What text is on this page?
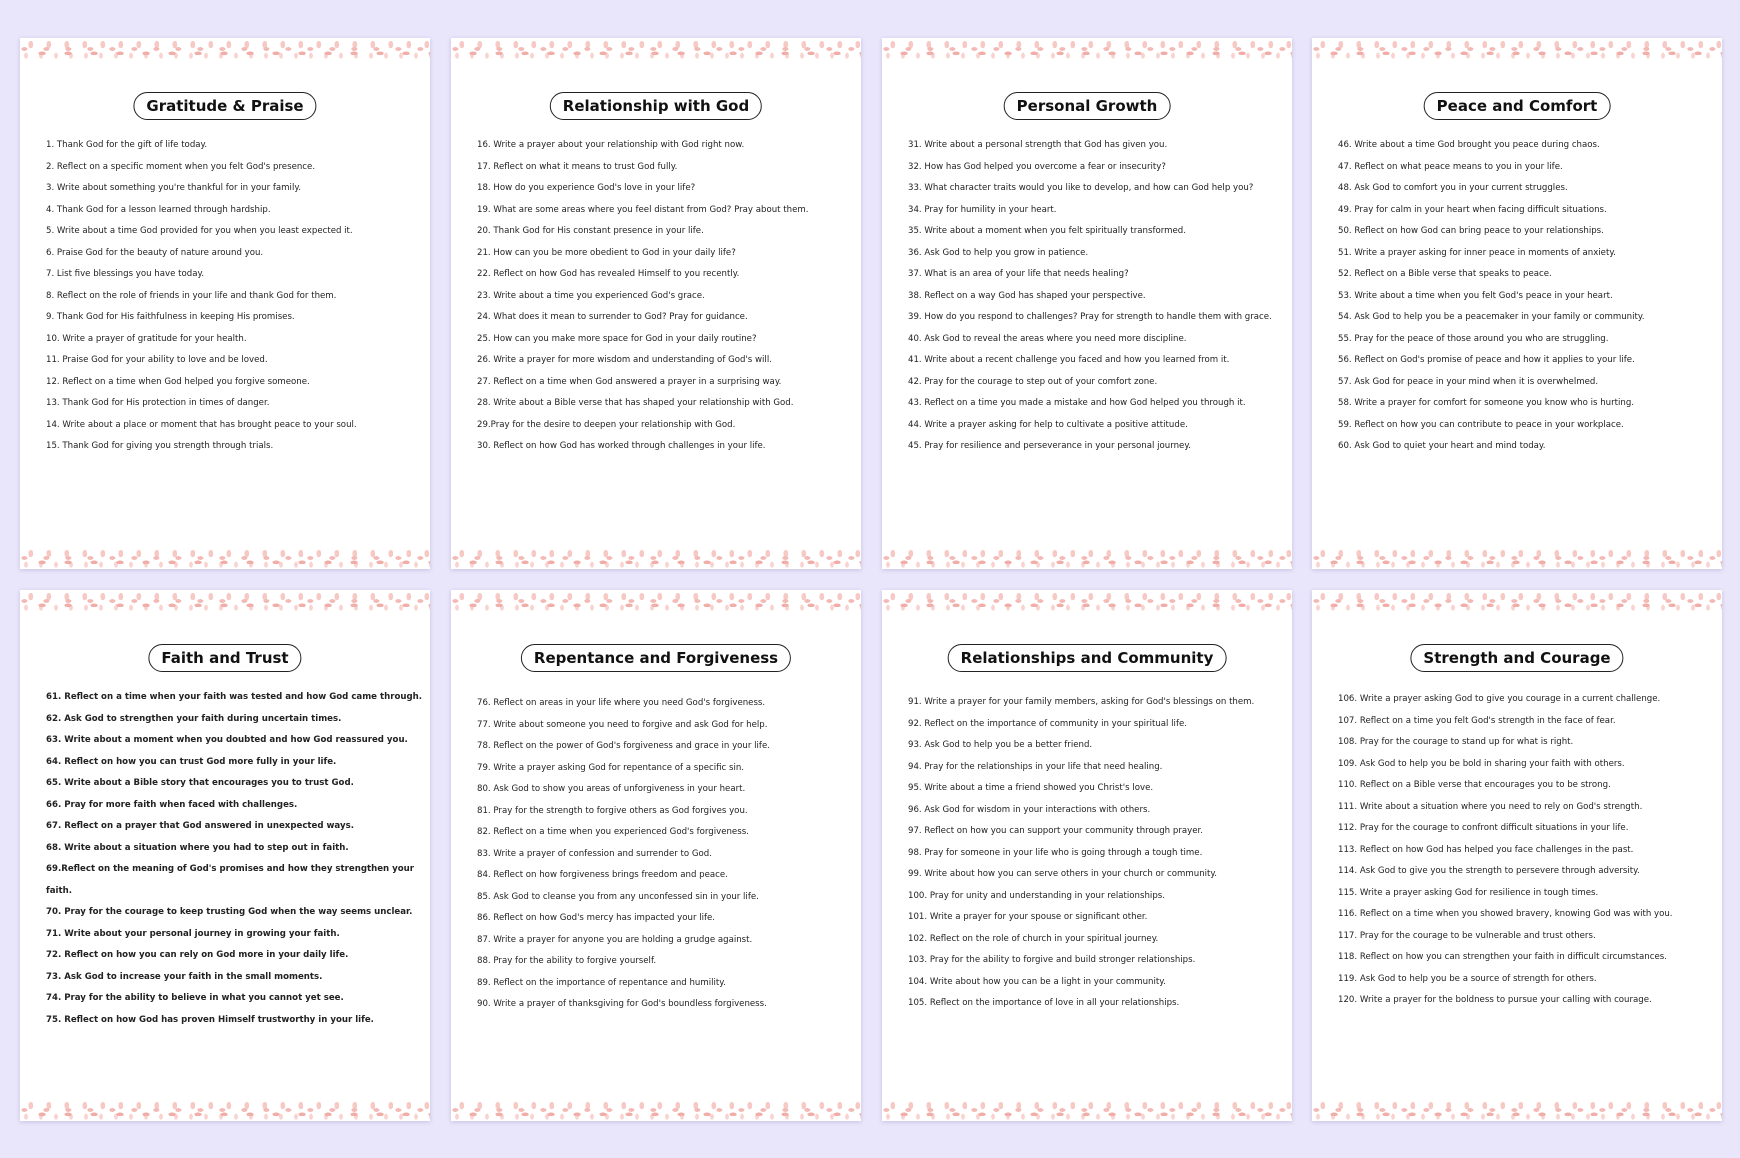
Gratitude & Praise
1. Thank God for the gift of life today.
2. Reflect on a specific moment when you felt God's presence.
3. Write about something you're thankful for in your family.
4. Thank God for a lesson learned through hardship.
5. Write about a time God provided for you when you least expected it.
6. Praise God for the beauty of nature around you.
7. List five blessings you have today.
8. Reflect on the role of friends in your life and thank God for them.
9. Thank God for His faithfulness in keeping His promises.
10. Write a prayer of gratitude for your health.
11. Praise God for your ability to love and be loved.
12. Reflect on a time when God helped you forgive someone.
13. Thank God for His protection in times of danger.
14. Write about a place or moment that has brought peace to your soul.
15. Thank God for giving you strength through trials.
Relationship with God
16. Write a prayer about your relationship with God right now.
17. Reflect on what it means to trust God fully.
18. How do you experience God's love in your life?
19. What are some areas where you feel distant from God? Pray about them.
20. Thank God for His constant presence in your life.
21. How can you be more obedient to God in your daily life?
22. Reflect on how God has revealed Himself to you recently.
23. Write about a time you experienced God's grace.
24. What does it mean to surrender to God? Pray for guidance.
25. How can you make more space for God in your daily routine?
26. Write a prayer for more wisdom and understanding of God's will.
27. Reflect on a time when God answered a prayer in a surprising way.
28. Write about a Bible verse that has shaped your relationship with God.
29.Pray for the desire to deepen your relationship with God.
30. Reflect on how God has worked through challenges in your life.
Personal Growth
31. Write about a personal strength that God has given you.
32. How has God helped you overcome a fear or insecurity?
33. What character traits would you like to develop, and how can God help you?
34. Pray for humility in your heart.
35. Write about a moment when you felt spiritually transformed.
36. Ask God to help you grow in patience.
37. What is an area of your life that needs healing?
38. Reflect on a way God has shaped your perspective.
39. How do you respond to challenges? Pray for strength to handle them with grace.
40. Ask God to reveal the areas where you need more discipline.
41. Write about a recent challenge you faced and how you learned from it.
42. Pray for the courage to step out of your comfort zone.
43. Reflect on a time you made a mistake and how God helped you through it.
44. Write a prayer asking for help to cultivate a positive attitude.
45. Pray for resilience and perseverance in your personal journey.
Peace and Comfort
46. Write about a time God brought you peace during chaos.
47. Reflect on what peace means to you in your life.
48. Ask God to comfort you in your current struggles.
49. Pray for calm in your heart when facing difficult situations.
50. Reflect on how God can bring peace to your relationships.
51. Write a prayer asking for inner peace in moments of anxiety.
52. Reflect on a Bible verse that speaks to peace.
53. Write about a time when you felt God's peace in your heart.
54. Ask God to help you be a peacemaker in your family or community.
55. Pray for the peace of those around you who are struggling.
56. Reflect on God's promise of peace and how it applies to your life.
57. Ask God for peace in your mind when it is overwhelmed.
58. Write a prayer for comfort for someone you know who is hurting.
59. Reflect on how you can contribute to peace in your workplace.
60. Ask God to quiet your heart and mind today.
Faith and Trust
61. Reflect on a time when your faith was tested and how God came through.
62. Ask God to strengthen your faith during uncertain times.
63. Write about a moment when you doubted and how God reassured you.
64. Reflect on how you can trust God more fully in your life.
65. Write about a Bible story that encourages you to trust God.
66. Pray for more faith when faced with challenges.
67. Reflect on a prayer that God answered in unexpected ways.
68. Write about a situation where you had to step out in faith.
69.Reflect on the meaning of God's promises and how they strengthen your faith.
70. Pray for the courage to keep trusting God when the way seems unclear.
71. Write about your personal journey in growing your faith.
72. Reflect on how you can rely on God more in your daily life.
73. Ask God to increase your faith in the small moments.
74. Pray for the ability to believe in what you cannot yet see.
75. Reflect on how God has proven Himself trustworthy in your life.
Repentance and Forgiveness
76. Reflect on areas in your life where you need God's forgiveness.
77. Write about someone you need to forgive and ask God for help.
78. Reflect on the power of God's forgiveness and grace in your life.
79. Write a prayer asking God for repentance of a specific sin.
80. Ask God to show you areas of unforgiveness in your heart.
81. Pray for the strength to forgive others as God forgives you.
82. Reflect on a time when you experienced God's forgiveness.
83. Write a prayer of confession and surrender to God.
84. Reflect on how forgiveness brings freedom and peace.
85. Ask God to cleanse you from any unconfessed sin in your life.
86. Reflect on how God's mercy has impacted your life.
87. Write a prayer for anyone you are holding a grudge against.
88. Pray for the ability to forgive yourself.
89. Reflect on the importance of repentance and humility.
90. Write a prayer of thanksgiving for God's boundless forgiveness.
Relationships and Community
91. Write a prayer for your family members, asking for God's blessings on them.
92. Reflect on the importance of community in your spiritual life.
93. Ask God to help you be a better friend.
94. Pray for the relationships in your life that need healing.
95. Write about a time a friend showed you Christ's love.
96. Ask God for wisdom in your interactions with others.
97. Reflect on how you can support your community through prayer.
98. Pray for someone in your life who is going through a tough time.
99. Write about how you can serve others in your church or community.
100. Pray for unity and understanding in your relationships.
101. Write a prayer for your spouse or significant other.
102. Reflect on the role of church in your spiritual journey.
103. Pray for the ability to forgive and build stronger relationships.
104. Write about how you can be a light in your community.
105. Reflect on the importance of love in all your relationships.
Strength and Courage
106. Write a prayer asking God to give you courage in a current challenge.
107. Reflect on a time you felt God's strength in the face of fear.
108. Pray for the courage to stand up for what is right.
109. Ask God to help you be bold in sharing your faith with others.
110. Reflect on a Bible verse that encourages you to be strong.
111. Write about a situation where you need to rely on God's strength.
112. Pray for the courage to confront difficult situations in your life.
113. Reflect on how God has helped you face challenges in the past.
114. Ask God to give you the strength to persevere through adversity.
115. Write a prayer asking God for resilience in tough times.
116. Reflect on a time when you showed bravery, knowing God was with you.
117. Pray for the courage to be vulnerable and trust others.
118. Reflect on how you can strengthen your faith in difficult circumstances.
119. Ask God to help you be a source of strength for others.
120. Write a prayer for the boldness to pursue your calling with courage.
